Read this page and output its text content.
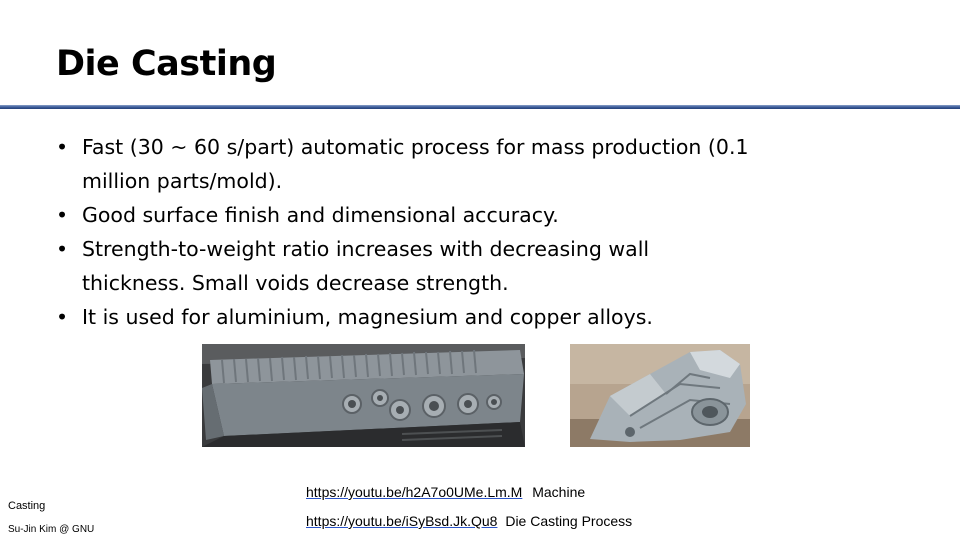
Die Casting
• Fast (30 ~ 60 s/part) automatic process for mass production (0.1 million parts/mold).
• Good surface finish and dimensional accuracy.
• Strength-to-weight ratio increases with decreasing wall thickness. Small voids decrease strength.
• It is used for aluminium, magnesium and copper alloys.
https://youtu.be/h2A7o0UMe.Lm.M Machine
https://youtu.be/iSyBsd.Jk.Qu8 Die Casting Process
Casting
Su-Jin Kim @ GNU
